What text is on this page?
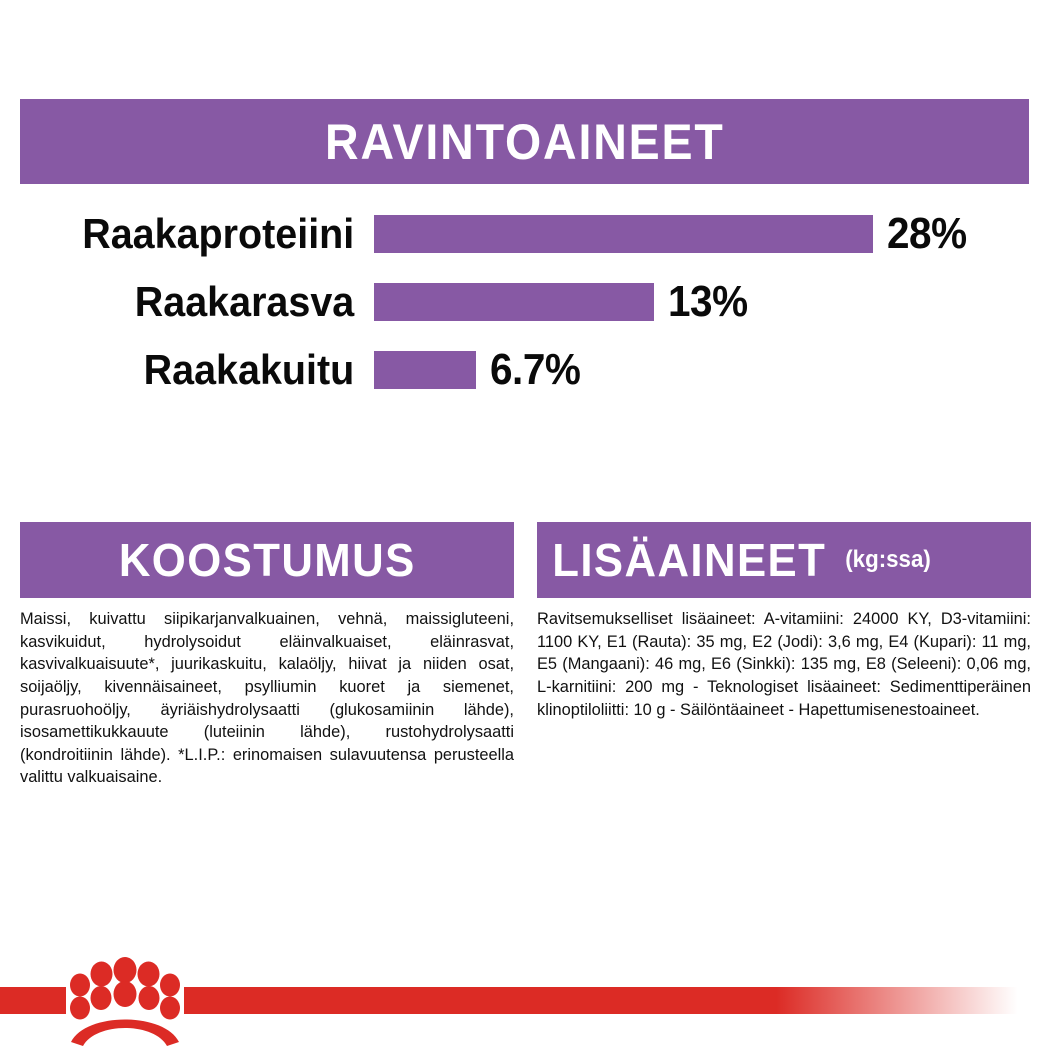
RAVINTOAINEET
Raakaproteiini	28%
Raakarasva	13%
Raakakuitu	6.7%
KOOSTUMUS
Maissi, kuivattu siipikarjanvalkuainen, vehnä, maissigluteeni, kasvikuidut, hydrolysoidut eläinvalkuaiset, eläinrasvat, kasvivalkuaisuute*, juurikaskuitu, kalaöljy, hiivat ja niiden osat, soijaöljy, kivennäisaineet, psylliumin kuoret ja siemenet, purasruohoöljy, äyriäishydrolysaatti (glukosamiinin lähde), isosamettikukkauute (luteiinin lähde), rustohydrolysaatti (kondroitiinin lähde). *L.I.P.: erinomaisen sulavuutensa perusteella valittu valkuaisaine.
LISÄAINEET (kg:ssa)
Ravitsemukselliset lisäaineet: A-vitamiini: 24000 KY, D3-vitamiini: 1100 KY, E1 (Rauta): 35 mg, E2 (Jodi): 3,6 mg, E4 (Kupari): 11 mg, E5 (Mangaani): 46 mg, E6 (Sinkki): 135 mg, E8 (Seleeni): 0,06 mg, L-karnitiini: 200 mg - Teknologiset lisäaineet: Sedimenttiperäinen klinoptiloliitti: 10 g - Säilöntäaineet - Hapettumisenestoaineet.
